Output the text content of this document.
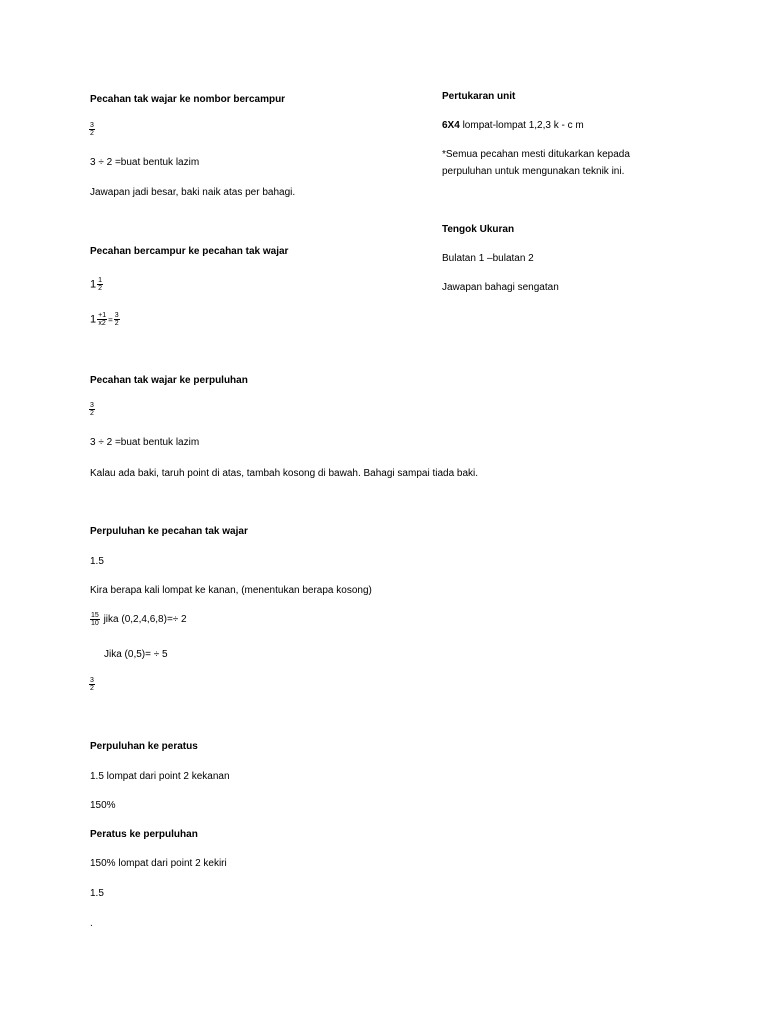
Pecahan tak wajar ke nombor bercampur
$\frac{3}{2}$
3 ÷ 2 =buat bentuk lazim
Jawapan jadi besar, baki naik atas per bahagi.
Pecahan bercampur ke pecahan tak wajar
$1 \frac{1}{2}$
$1 \frac{+1}{x2} = \frac{3}{2}$
Pecahan tak wajar ke perpuluhan
$\frac{3}{2}$
3 ÷ 2 =buat bentuk lazim
Kalau ada baki, taruh point di atas, tambah kosong di bawah. Bahagi sampai tiada baki.
Perpuluhan ke pecahan tak wajar
1.5
Kira berapa kali lompat ke kanan, (menentukan berapa kosong)
$\frac{15}{10}$ jika (0,2,4,6,8)=÷ 2
Jika (0,5)= ÷ 5
$\frac{3}{2}$
Perpuluhan ke peratus
1.5 lompat dari point 2 kekanan
150%
Peratus ke perpuluhan
150% lompat dari point 2 kekiri
1.5
.
Pertukaran unit
6X4 lompat-lompat 1,2,3 k - c m
*Semua pecahan mesti ditukarkan kepada
perpuluhan untuk mengunakan teknik ini.
Tengok Ukuran
Bulatan 1 –bulatan 2
Jawapan bahagi sengatan
